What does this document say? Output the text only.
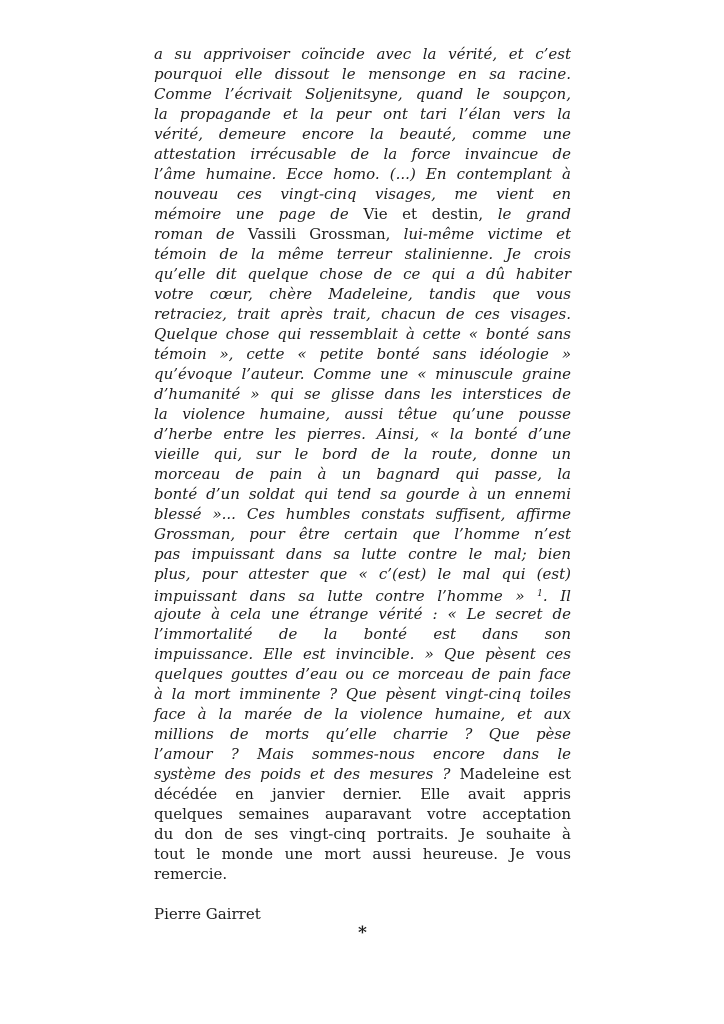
a su apprivoiser coïncide avec la vérité, et c’est
pourquoi elle dissout le mensonge en sa racine.
Comme l’écrivait Soljenitsyne, quand le soupçon,
la propagande et la peur ont tari l’élan vers la
vérité, demeure encore la beauté, comme une
attestation irrécusable de la force invaincue de
l’âme humaine. Ecce homo. (...) En contemplant à
nouveau ces vingt-cinq visages, me vient en
mémoire une page de Vie et destin, le grand
roman de Vassili Grossman, lui-même victime et
témoin de la même terreur stalinienne. Je crois
qu’elle dit quelque chose de ce qui a dû habiter
votre cœur, chère Madeleine, tandis que vous
retraciez, trait après trait, chacun de ces visages.
Quelque chose qui ressemblait à cette « bonté sans
témoin », cette « petite bonté sans idéologie »
qu’évoque l’auteur. Comme une « minuscule graine
d’humanité » qui se glisse dans les interstices de
la violence humaine, aussi têtue qu’une pousse
d’herbe entre les pierres. Ainsi, « la bonté d’une
vieille qui, sur le bord de la route, donne un
morceau de pain à un bagnard qui passe, la
bonté d’un soldat qui tend sa gourde à un ennemi
blessé »... Ces humbles constats suffisent, affirme
Grossman, pour être certain que l’homme n’est
pas impuissant dans sa lutte contre le mal; bien
plus, pour attester que « c’(est) le mal qui (est)
impuissant dans sa lutte contre l’homme » $^1$. Il
ajoute à cela une étrange vérité : « Le secret de
l’immortalité de la bonté est dans son
impuissance. Elle est invincible. » Que pèsent ces
quelques gouttes d’eau ou ce morceau de pain face
à la mort imminente ? Que pèsent vingt-cinq toiles
face à la marée de la violence humaine, et aux
millions de morts qu’elle charrie ? Que pèse
l’amour ? Mais sommes-nous encore dans le
système des poids et des mesures ? Madeleine est
décédée en janvier dernier. Elle avait appris
quelques semaines auparavant votre acceptation
du don de ses vingt-cinq portraits. Je souhaite à
tout le monde une mort aussi heureuse. Je vous
remercie.
Pierre Gairret
*
